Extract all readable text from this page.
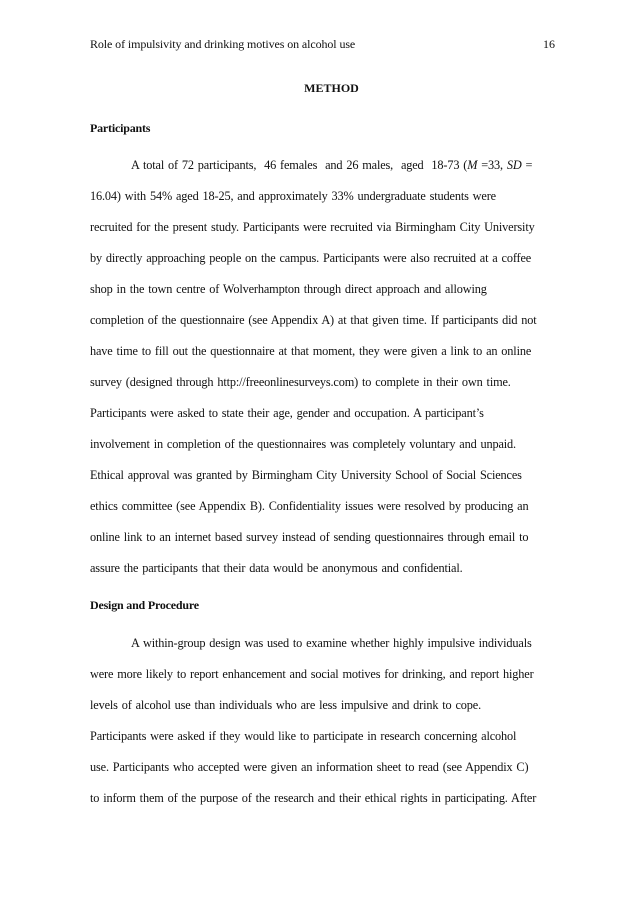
Role of impulsivity and drinking motives on alcohol use	16
METHOD
Participants
A total of 72 participants,  46 females  and 26 males,  aged  18-73 (M =33, SD =
16.04) with 54% aged 18-25, and approximately 33% undergraduate students were
recruited for the present study. Participants were recruited via Birmingham City University
by directly approaching people on the campus. Participants were also recruited at a coffee
shop in the town centre of Wolverhampton through direct approach and allowing
completion of the questionnaire (see Appendix A) at that given time. If participants did not
have time to fill out the questionnaire at that moment, they were given a link to an online
survey (designed through http://freeonlinesurveys.com) to complete in their own time.
Participants were asked to state their age, gender and occupation. A participant’s
involvement in completion of the questionnaires was completely voluntary and unpaid.
Ethical approval was granted by Birmingham City University School of Social Sciences
ethics committee (see Appendix B). Confidentiality issues were resolved by producing an
online link to an internet based survey instead of sending questionnaires through email to
assure the participants that their data would be anonymous and confidential.
Design and Procedure
A within-group design was used to examine whether highly impulsive individuals
were more likely to report enhancement and social motives for drinking, and report higher
levels of alcohol use than individuals who are less impulsive and drink to cope.
Participants were asked if they would like to participate in research concerning alcohol
use. Participants who accepted were given an information sheet to read (see Appendix C)
to inform them of the purpose of the research and their ethical rights in participating. After
